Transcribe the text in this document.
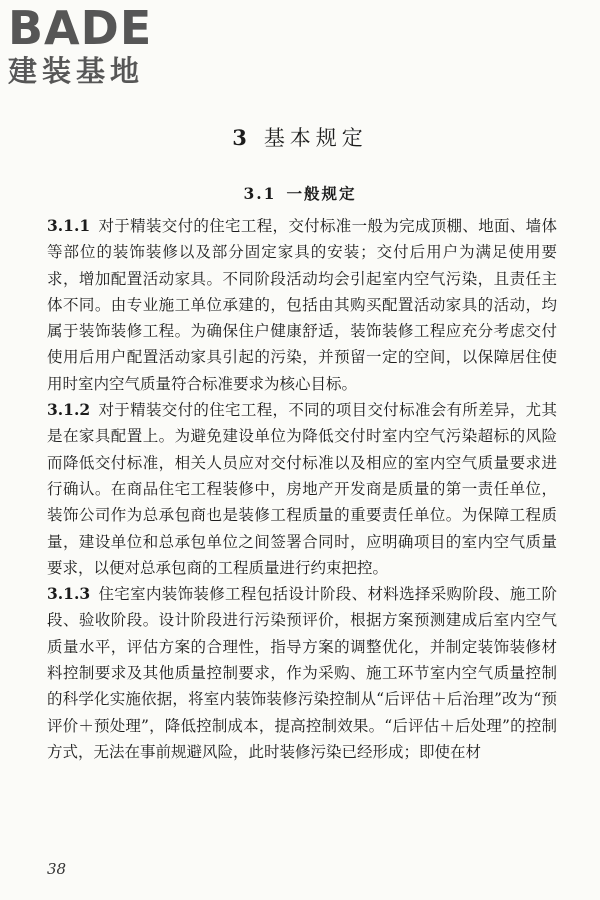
BADE
建装基地
3 基本规定
3.1 一般规定

3.1.1 对于精装交付的住宅工程，交付标准一般为完成顶棚、地面、墙体等部位的装饰装修以及部分固定家具的安装；交付后用户为满足使用要求，增加配置活动家具。不同阶段活动均会引起室内空气污染，且责任主体不同。由专业施工单位承建的，包括由其购买配置活动家具的活动，均属于装饰装修工程。为确保住户健康舒适，装饰装修工程应充分考虑交付使用后用户配置活动家具引起的污染，并预留一定的空间，以保障居住使用时室内空气质量符合标准要求为核心目标。

3.1.2 对于精装交付的住宅工程，不同的项目交付标准会有所差异，尤其是在家具配置上。为避免建设单位为降低交付时室内空气污染超标的风险而降低交付标准，相关人员应对交付标准以及相应的室内空气质量要求进行确认。在商品住宅工程装修中，房地产开发商是质量的第一责任单位，装饰公司作为总承包商也是装修工程质量的重要责任单位。为保障工程质量，建设单位和总承包单位之间签署合同时，应明确项目的室内空气质量要求，以便对总承包商的工程质量进行约束把控。

3.1.3 住宅室内装饰装修工程包括设计阶段、材料选择采购阶段、施工阶段、验收阶段。设计阶段进行污染预评价，根据方案预测建成后室内空气质量水平，评估方案的合理性，指导方案的调整优化，并制定装饰装修材料控制要求及其他质量控制要求，作为采购、施工环节室内空气质量控制的科学化实施依据，将室内装饰装修污染控制从“后评估＋后治理”改为“预评价＋预处理”，降低控制成本，提高控制效果。“后评估＋后处理”的控制方式，无法在事前规避风险，此时装修污染已经形成；即使在材

38
